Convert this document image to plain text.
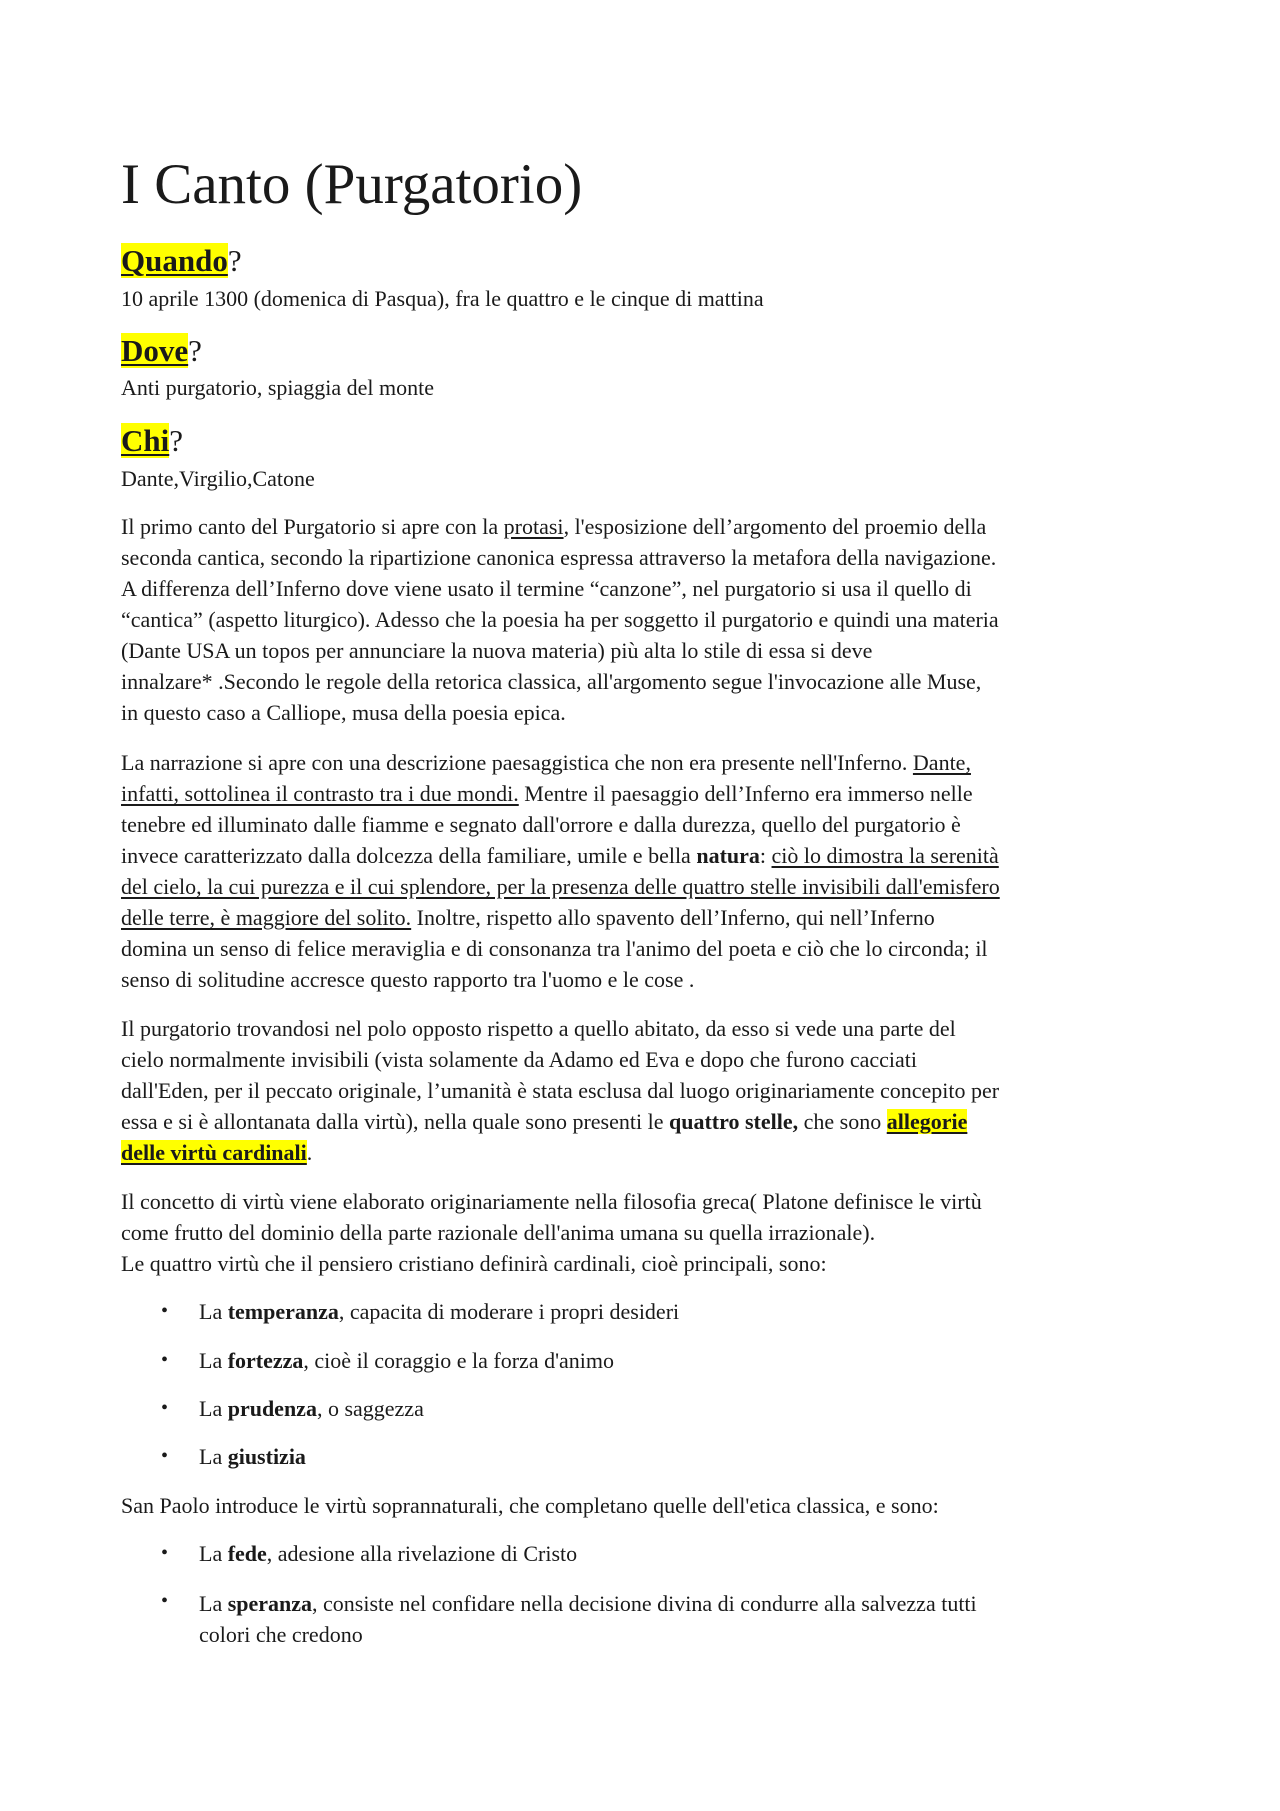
I Canto (Purgatorio)
Quando?
10 aprile 1300 (domenica di Pasqua), fra le quattro e le cinque di mattina
Dove?
Anti purgatorio, spiaggia del monte
Chi?
Dante,Virgilio,Catone
Il primo canto del Purgatorio si apre con la protasi, l'esposizione dell’argomento del proemio della
seconda cantica, secondo la ripartizione canonica espressa attraverso la metafora della navigazione.
A differenza dell’Inferno dove viene usato il termine “canzone”, nel purgatorio si usa il quello di
“cantica” (aspetto liturgico). Adesso che la poesia ha per soggetto il purgatorio e quindi una materia
(Dante USA un topos per annunciare la nuova materia) più alta lo stile di essa si deve
innalzare* .Secondo le regole della retorica classica, all'argomento segue l'invocazione alle Muse,
in questo caso a Calliope, musa della poesia epica.
La narrazione si apre con una descrizione paesaggistica che non era presente nell'Inferno. Dante,
infatti, sottolinea il contrasto tra i due mondi. Mentre il paesaggio dell’Inferno era immerso nelle
tenebre ed illuminato dalle fiamme e segnato dall'orrore e dalla durezza, quello del purgatorio è
invece caratterizzato dalla dolcezza della familiare, umile e bella natura: ciò lo dimostra la serenità
del cielo, la cui purezza e il cui splendore, per la presenza delle quattro stelle invisibili dall'emisfero
delle terre, è maggiore del solito. Inoltre, rispetto allo spavento dell’Inferno, qui nell’Inferno
domina un senso di felice meraviglia e di consonanza tra l'animo del poeta e ciò che lo circonda; il
senso di solitudine accresce questo rapporto tra l'uomo e le cose .
Il purgatorio trovandosi nel polo opposto rispetto a quello abitato, da esso si vede una parte del
cielo normalmente invisibili (vista solamente da Adamo ed Eva e dopo che furono cacciati
dall'Eden, per il peccato originale, l’umanità è stata esclusa dal luogo originariamente concepito per
essa e si è allontanata dalla virtù), nella quale sono presenti le quattro stelle, che sono allegorie
delle virtù cardinali.
Il concetto di virtù viene elaborato originariamente nella filosofia greca( Platone definisce le virtù
come frutto del dominio della parte razionale dell'anima umana su quella irrazionale).
Le quattro virtù che il pensiero cristiano definirà cardinali, cioè principali, sono:
• La temperanza, capacita di moderare i propri desideri
• La fortezza, cioè il coraggio e la forza d'animo
• La prudenza, o saggezza
• La giustizia
San Paolo introduce le virtù soprannaturali, che completano quelle dell'etica classica, e sono:
• La fede, adesione alla rivelazione di Cristo
• La speranza, consiste nel confidare nella decisione divina di condurre alla salvezza tutti
colori che credono
